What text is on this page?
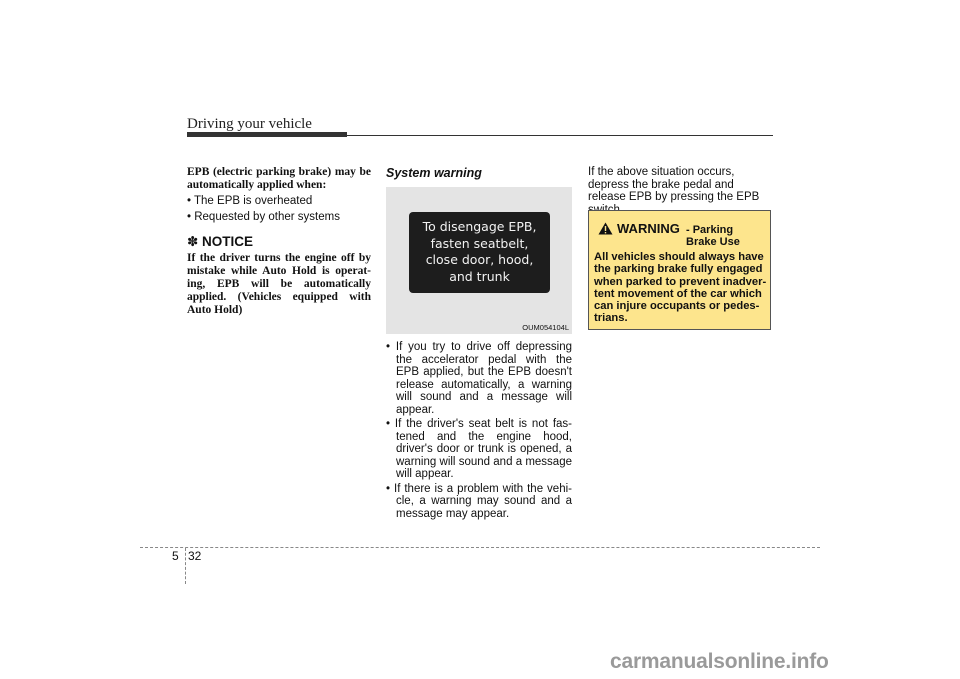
Driving your vehicle
EPB (electric parking brake) may be automatically applied when:
• The EPB is overheated
• Requested by other systems
✽ NOTICE
If the driver turns the engine off by mistake while Auto Hold is operat-ing, EPB will be automatically applied. (Vehicles equipped with Auto Hold)
System warning
To disengage EPB,
fasten seatbelt,
close door, hood,
and trunk
OUM054104L
• If you try to drive off depressing the accelerator pedal with the EPB applied, but the EPB doesn't release automatically, a warning will sound and a message will appear.
• If the driver's seat belt is not fas-tened and the engine hood, driver's door or trunk is opened, a warning will sound and a message will appear.
• If there is a problem with the vehi-cle, a warning may sound and a message may appear.
If the above situation occurs, depress the brake pedal and release EPB by pressing the EPB
WARNING - Parking Brake Use
All vehicles should always have the parking brake fully engaged when parked to prevent inadver-tent movement of the car which can injure occupants or pedes-trians.
5 32
carmanualsonline.info
